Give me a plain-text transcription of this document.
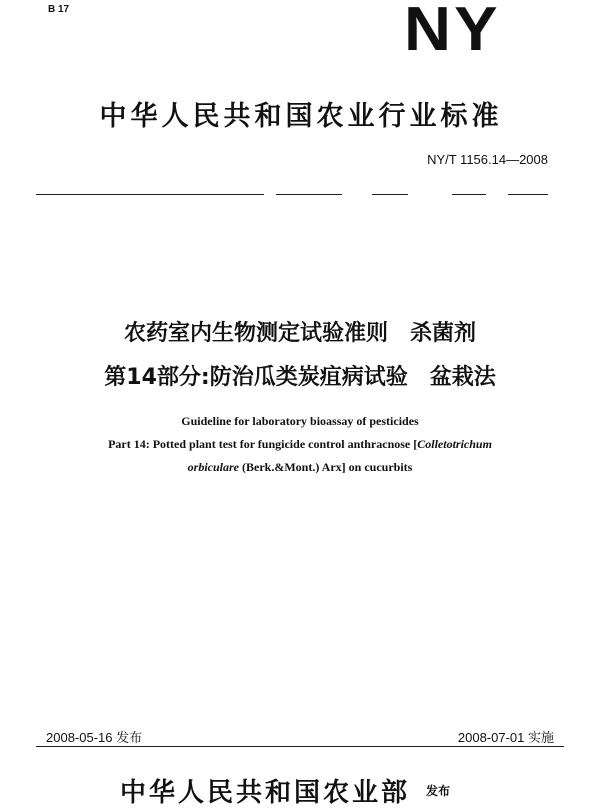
B 17	NY
中华人民共和国农业行业标准
NY/T 1156.14—2008
农药室内生物测定试验准则　杀菌剂
第14部分:防治瓜类炭疽病试验　盆栽法
Guideline for laboratory bioassay of pesticides
Part 14: Potted plant test for fungicide control anthracnose [Colletotrichum
orbiculare (Berk.&Mont.) Arx] on cucurbits
2008-05-16 发布	2008-07-01 实施
中华人民共和国农业部 发布
